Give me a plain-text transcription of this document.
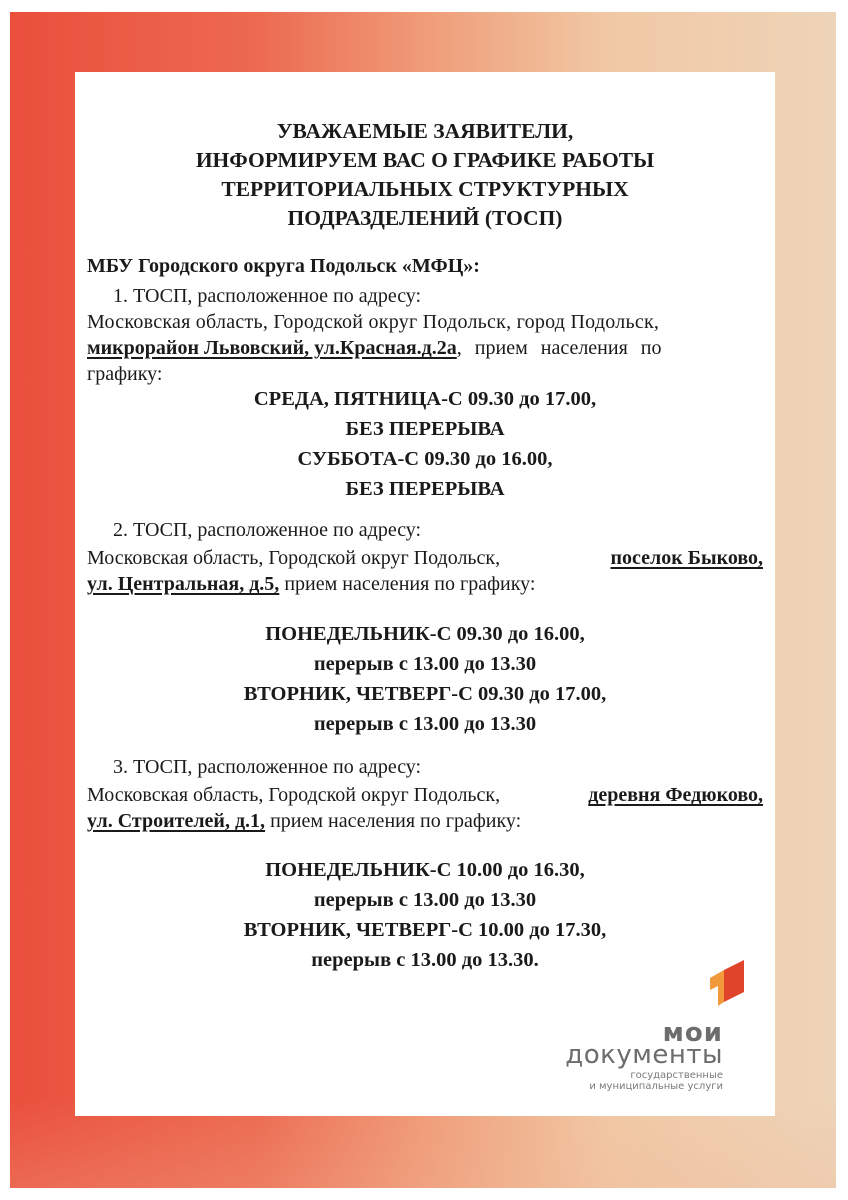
УВАЖАЕМЫЕ ЗАЯВИТЕЛИ,
ИНФОРМИРУЕМ ВАС О ГРАФИКЕ РАБОТЫ
ТЕРРИТОРИАЛЬНЫХ СТРУКТУРНЫХ
ПОДРАЗДЕЛЕНИЙ (ТОСП)
МБУ Городского округа Подольск «МФЦ»:
1. ТОСП, расположенное по адресу:
Московская область, Городской округ Подольск, город Подольск,
микрорайон Львовский, ул.Красная.д.2а, прием населения по
графику:
СРЕДА, ПЯТНИЦА-С 09.30 до 17.00,
БЕЗ ПЕРЕРЫВА
СУББОТА-С 09.30 до 16.00,
БЕЗ ПЕРЕРЫВА
2. ТОСП, расположенное по адресу:
Московская область, Городской округ Подольск,	поселок Быково,
ул. Центральная, д.5, прием населения по графику:
ПОНЕДЕЛЬНИК-С 09.30 до 16.00,
перерыв с 13.00 до 13.30
ВТОРНИК, ЧЕТВЕРГ-С 09.30 до 17.00,
перерыв с 13.00 до 13.30
3. ТОСП, расположенное по адресу:
Московская область, Городской округ Подольск,	деревня Федюково,
ул. Строителей, д.1, прием населения по графику:
ПОНЕДЕЛЬНИК-С 10.00 до 16.30,
перерыв с 13.00 до 13.30
ВТОРНИК, ЧЕТВЕРГ-С 10.00 до 17.30,
перерыв с 13.00 до 13.30.
мои
документы
государственные
и муниципальные услуги
